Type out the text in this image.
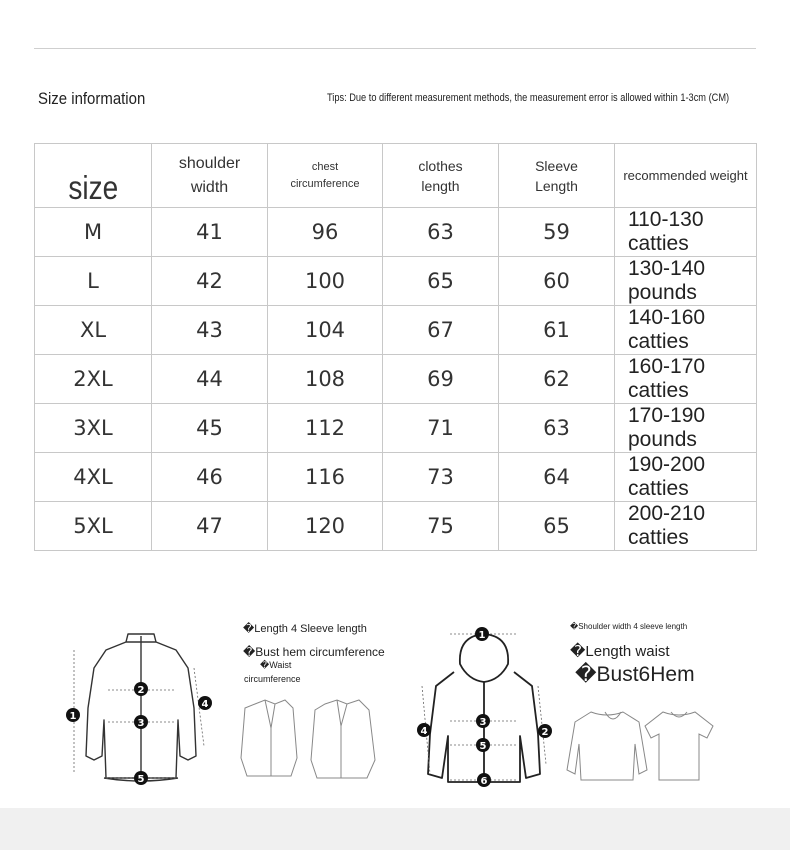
Size information	Tips: Due to different measurement methods, the measurement error is allowed within 1-3cm (CM)
size	shoulder width	chest circumference	clothes length	Sleeve Length	recommended weight
M	41	96	63	59	110-130 catties
L	42	100	65	60	130-140 pounds
XL	43	104	67	61	140-160 catties
2XL	44	108	69	62	160-170 catties
3XL	45	112	71	63	170-190 pounds
4XL	46	116	73	64	190-200 catties
5XL	47	120	75	65	200-210 catties
1
2
3
4
5
�Length 4 Sleeve length
�Bust hem circumference
�Waist
circumference
1
2
3
4
5
6
�Shoulder width 4 sleeve length
�Length waist
�Bust6Hem
